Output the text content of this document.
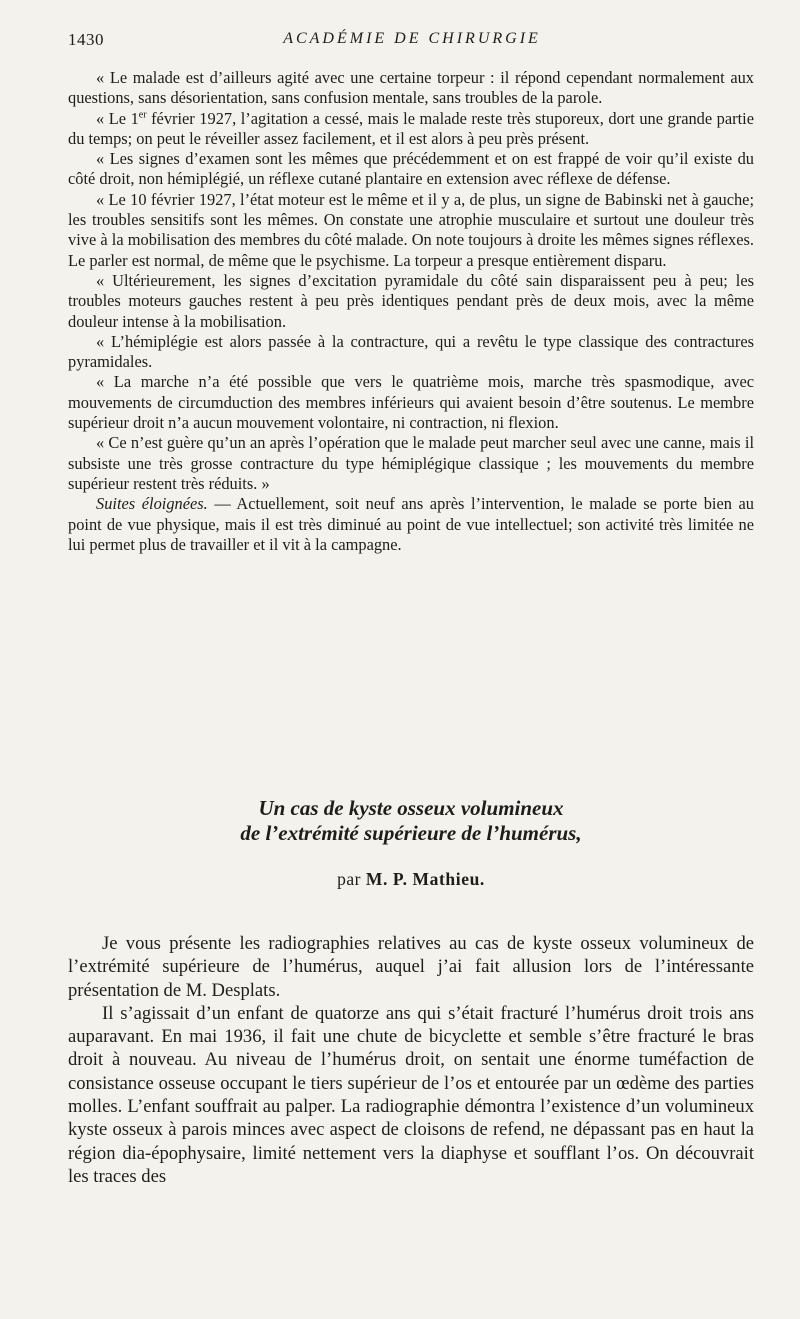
1430	ACADÉMIE DE CHIRURGIE

« Le malade est d’ailleurs agité avec une certaine torpeur : il répond cependant normalement aux questions, sans désorientation, sans confusion mentale, sans troubles de la parole.

« Le 1er février 1927, l’agitation a cessé, mais le malade reste très stuporeux, dort une grande partie du temps; on peut le réveiller assez facilement, et il est alors à peu près présent.

« Les signes d’examen sont les mêmes que précédemment et on est frappé de voir qu’il existe du côté droit, non hémiplégié, un réflexe cutané plantaire en extension avec réflexe de défense.

« Le 10 février 1927, l’état moteur est le même et il y a, de plus, un signe de Babinski net à gauche; les troubles sensitifs sont les mêmes. On constate une atrophie musculaire et surtout une douleur très vive à la mobilisation des membres du côté malade. On note toujours à droite les mêmes signes réflexes. Le parler est normal, de même que le psychisme. La torpeur a presque entièrement disparu.

« Ultérieurement, les signes d’excitation pyramidale du côté sain disparaissent peu à peu; les troubles moteurs gauches restent à peu près identiques pendant près de deux mois, avec la même douleur intense à la mobilisation.

« L’hémiplégie est alors passée à la contracture, qui a revêtu le type classique des contractures pyramidales.

« La marche n’a été possible que vers le quatrième mois, marche très spasmodique, avec mouvements de circumduction des membres inférieurs qui avaient besoin d’être soutenus. Le membre supérieur droit n’a aucun mouvement volontaire, ni contraction, ni flexion.

« Ce n’est guère qu’un an après l’opération que le malade peut marcher seul avec une canne, mais il subsiste une très grosse contracture du type hémiplégique classique ; les mouvements du membre supérieur restent très réduits. »

Suites éloignées. — Actuellement, soit neuf ans après l’intervention, le malade se porte bien au point de vue physique, mais il est très diminué au point de vue intellectuel; son activité très limitée ne lui permet plus de travailler et il vit à la campagne.

Un cas de kyste osseux volumineux
de l’extrémité supérieure de l’humérus,
par M. P. Mathieu.

Je vous présente les radiographies relatives au cas de kyste osseux volumineux de l’extrémité supérieure de l’humérus, auquel j’ai fait allusion lors de l’intéressante présentation de M. Desplats.

Il s’agissait d’un enfant de quatorze ans qui s’était fracturé l’humérus droit trois ans auparavant. En mai 1936, il fait une chute de bicyclette et semble s’être fracturé le bras droit à nouveau. Au niveau de l’humérus droit, on sentait une énorme tuméfaction de consistance osseuse occupant le tiers supérieur de l’os et entourée par un œdème des parties molles. L’enfant souffrait au palper. La radiographie démontra l’existence d’un volumineux kyste osseux à parois minces avec aspect de cloisons de refend, ne dépassant pas en haut la région dia-épophysaire, limité nettement vers la diaphyse et soufflant l’os. On découvrait les traces des
